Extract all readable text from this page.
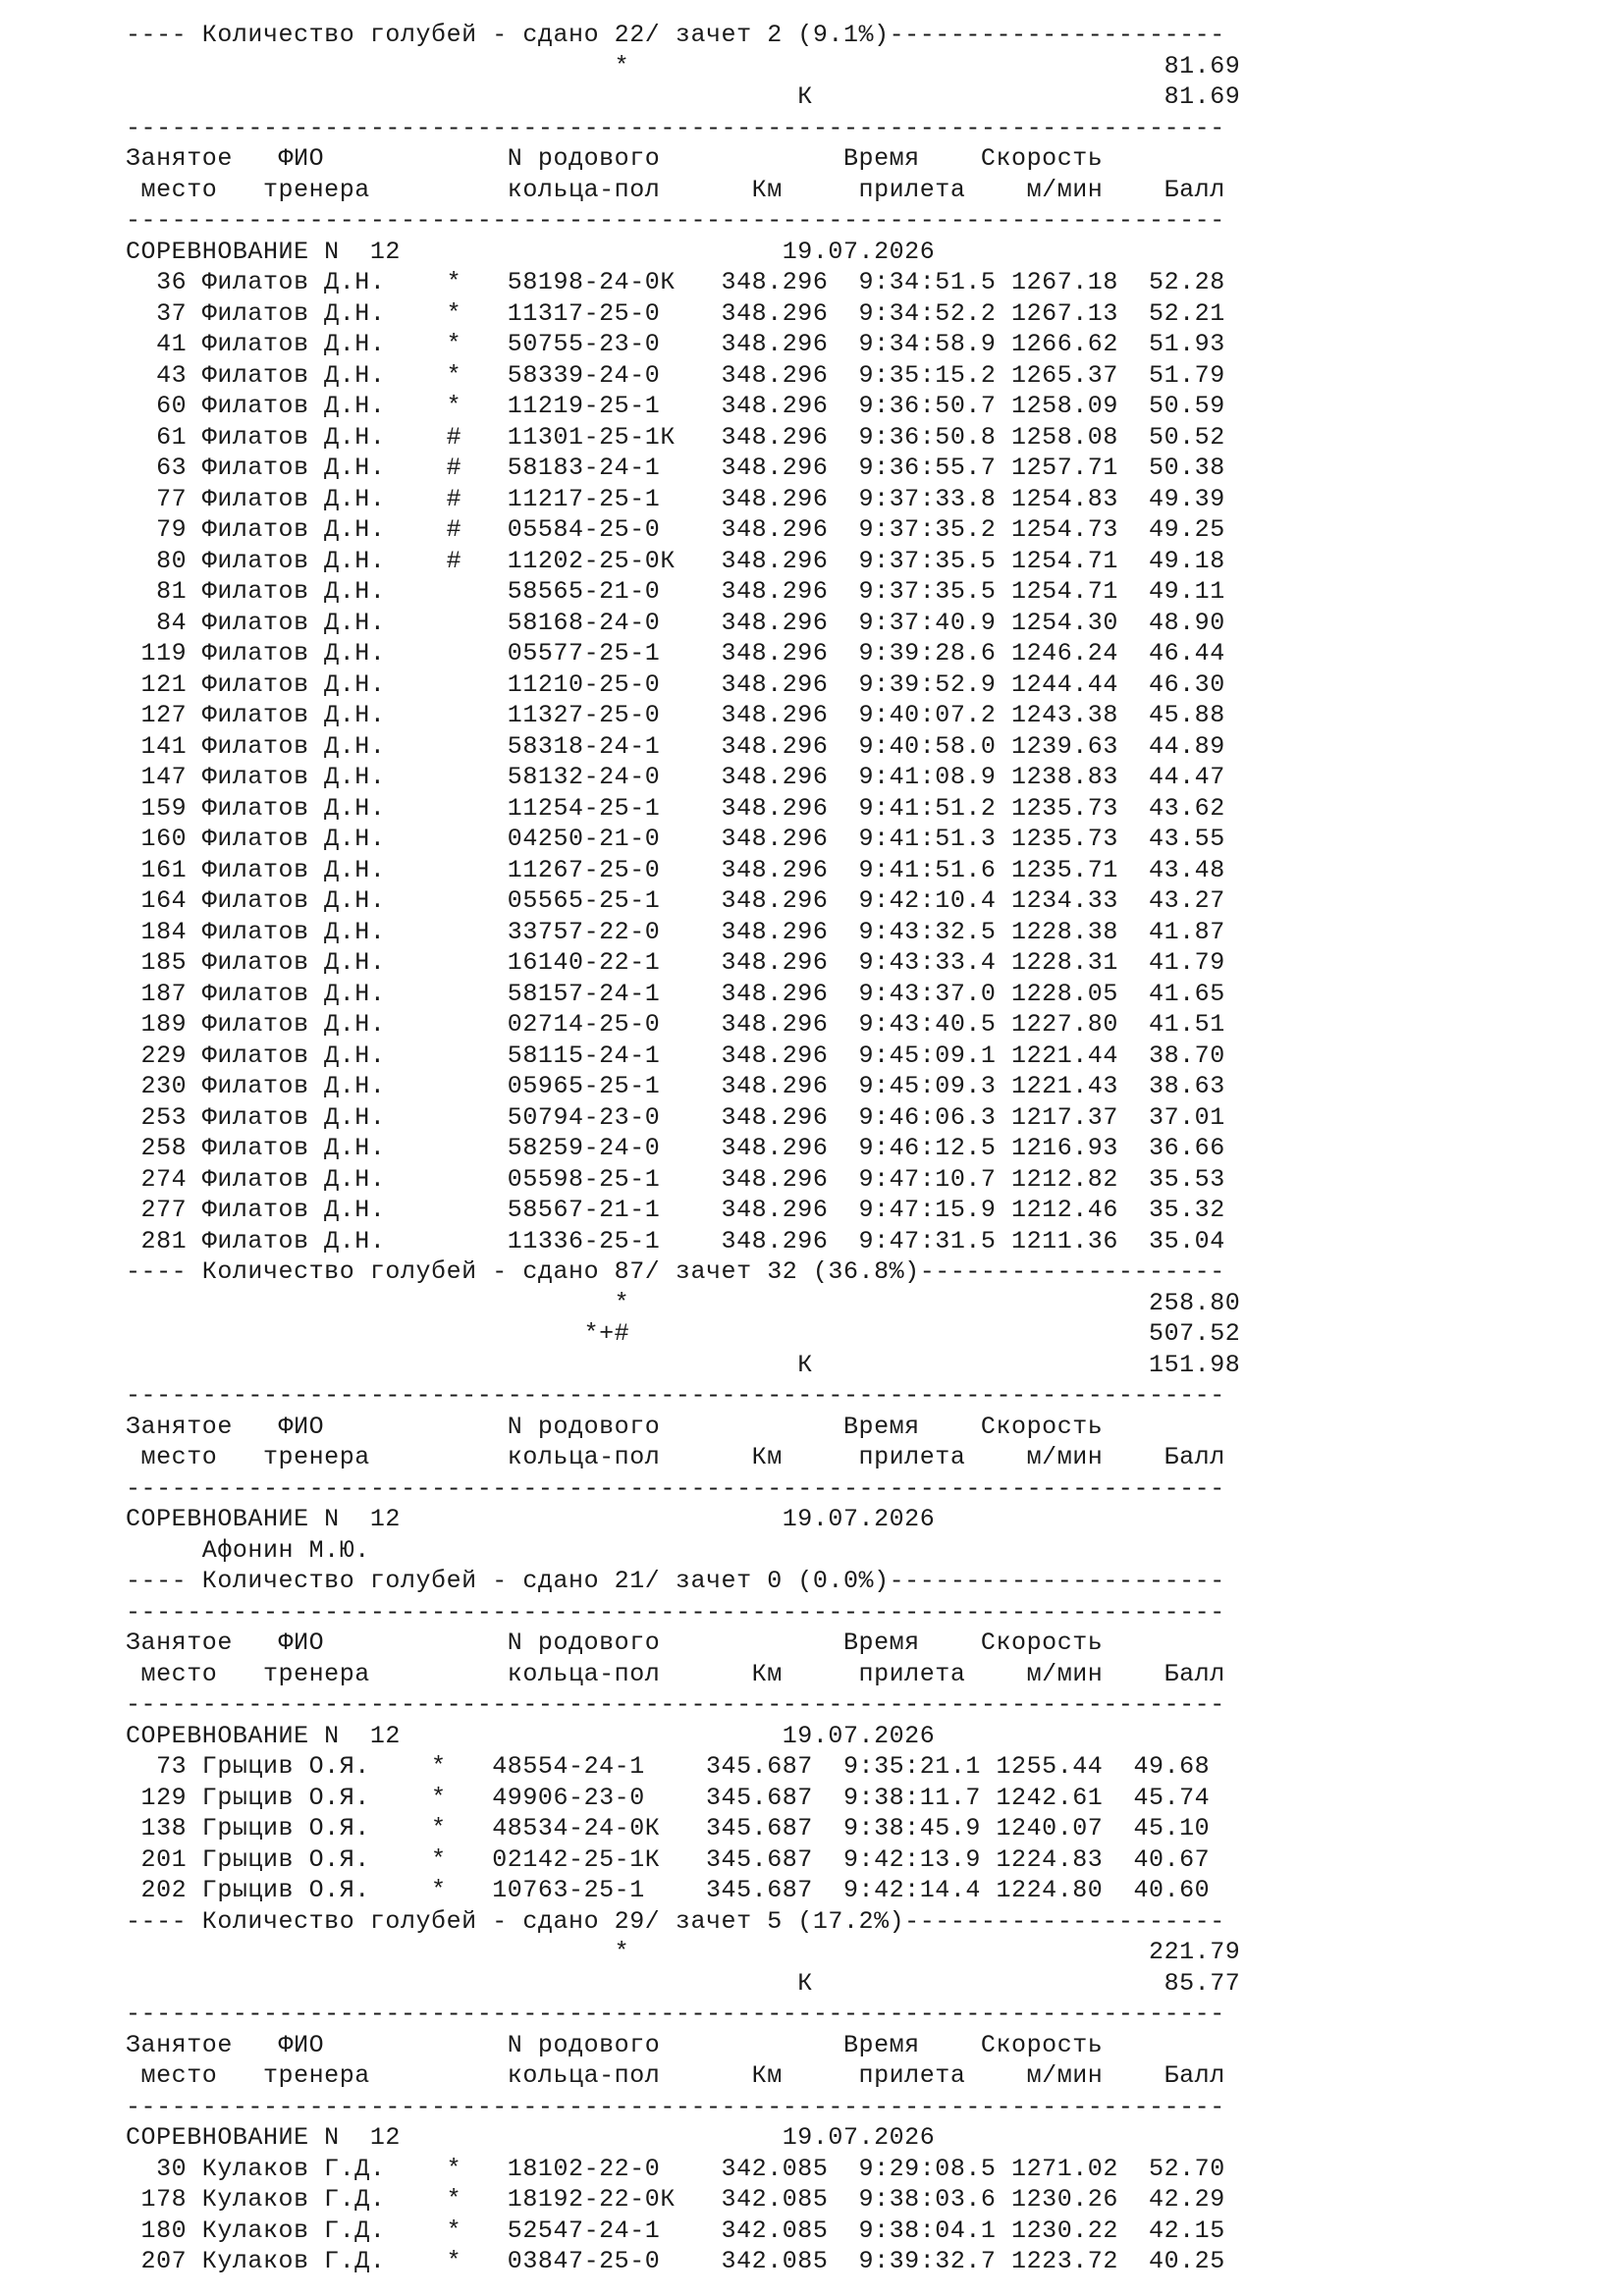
---- Количество голубей - сдано 22/ зачет 2 (9.1%)----------------------
*                                   81.69
К                       81.69
------------------------------------------------------------------------
Занятое   ФИО            N родового            Время    Скорость
место   тренера         кольца-пол      Км     прилета    м/мин    Балл
------------------------------------------------------------------------
СОРЕВНОВАНИЕ N  12                         19.07.2026
36 Филатов Д.Н.    *   58198-24-0К   348.296  9:34:51.5 1267.18  52.28
37 Филатов Д.Н.    *   11317-25-0    348.296  9:34:52.2 1267.13  52.21
41 Филатов Д.Н.    *   50755-23-0    348.296  9:34:58.9 1266.62  51.93
43 Филатов Д.Н.    *   58339-24-0    348.296  9:35:15.2 1265.37  51.79
60 Филатов Д.Н.    *   11219-25-1    348.296  9:36:50.7 1258.09  50.59
61 Филатов Д.Н.    #   11301-25-1К   348.296  9:36:50.8 1258.08  50.52
63 Филатов Д.Н.    #   58183-24-1    348.296  9:36:55.7 1257.71  50.38
77 Филатов Д.Н.    #   11217-25-1    348.296  9:37:33.8 1254.83  49.39
79 Филатов Д.Н.    #   05584-25-0    348.296  9:37:35.2 1254.73  49.25
80 Филатов Д.Н.    #   11202-25-0К   348.296  9:37:35.5 1254.71  49.18
81 Филатов Д.Н.        58565-21-0    348.296  9:37:35.5 1254.71  49.11
84 Филатов Д.Н.        58168-24-0    348.296  9:37:40.9 1254.30  48.90
119 Филатов Д.Н.        05577-25-1    348.296  9:39:28.6 1246.24  46.44
121 Филатов Д.Н.        11210-25-0    348.296  9:39:52.9 1244.44  46.30
127 Филатов Д.Н.        11327-25-0    348.296  9:40:07.2 1243.38  45.88
141 Филатов Д.Н.        58318-24-1    348.296  9:40:58.0 1239.63  44.89
147 Филатов Д.Н.        58132-24-0    348.296  9:41:08.9 1238.83  44.47
159 Филатов Д.Н.        11254-25-1    348.296  9:41:51.2 1235.73  43.62
160 Филатов Д.Н.        04250-21-0    348.296  9:41:51.3 1235.73  43.55
161 Филатов Д.Н.        11267-25-0    348.296  9:41:51.6 1235.71  43.48
164 Филатов Д.Н.        05565-25-1    348.296  9:42:10.4 1234.33  43.27
184 Филатов Д.Н.        33757-22-0    348.296  9:43:32.5 1228.38  41.87
185 Филатов Д.Н.        16140-22-1    348.296  9:43:33.4 1228.31  41.79
187 Филатов Д.Н.        58157-24-1    348.296  9:43:37.0 1228.05  41.65
189 Филатов Д.Н.        02714-25-0    348.296  9:43:40.5 1227.80  41.51
229 Филатов Д.Н.        58115-24-1    348.296  9:45:09.1 1221.44  38.70
230 Филатов Д.Н.        05965-25-1    348.296  9:45:09.3 1221.43  38.63
253 Филатов Д.Н.        50794-23-0    348.296  9:46:06.3 1217.37  37.01
258 Филатов Д.Н.        58259-24-0    348.296  9:46:12.5 1216.93  36.66
274 Филатов Д.Н.        05598-25-1    348.296  9:47:10.7 1212.82  35.53
277 Филатов Д.Н.        58567-21-1    348.296  9:47:15.9 1212.46  35.32
281 Филатов Д.Н.        11336-25-1    348.296  9:47:31.5 1211.36  35.04
---- Количество голубей - сдано 87/ зачет 32 (36.8%)--------------------
*                                  258.80
*+#                                  507.52
К                      151.98
------------------------------------------------------------------------
Занятое   ФИО            N родового            Время    Скорость
место   тренера         кольца-пол      Км     прилета    м/мин    Балл
------------------------------------------------------------------------
СОРЕВНОВАНИЕ N  12                         19.07.2026
Афонин М.Ю.
---- Количество голубей - сдано 21/ зачет 0 (0.0%)----------------------
------------------------------------------------------------------------
Занятое   ФИО            N родового            Время    Скорость
место   тренера         кольца-пол      Км     прилета    м/мин    Балл
------------------------------------------------------------------------
СОРЕВНОВАНИЕ N  12                         19.07.2026
73 Грыцив О.Я.    *   48554-24-1    345.687  9:35:21.1 1255.44  49.68
129 Грыцив О.Я.    *   49906-23-0    345.687  9:38:11.7 1242.61  45.74
138 Грыцив О.Я.    *   48534-24-0К   345.687  9:38:45.9 1240.07  45.10
201 Грыцив О.Я.    *   02142-25-1К   345.687  9:42:13.9 1224.83  40.67
202 Грыцив О.Я.    *   10763-25-1    345.687  9:42:14.4 1224.80  40.60
---- Количество голубей - сдано 29/ зачет 5 (17.2%)---------------------
*                                  221.79
К                       85.77
------------------------------------------------------------------------
Занятое   ФИО            N родового            Время    Скорость
место   тренера         кольца-пол      Км     прилета    м/мин    Балл
------------------------------------------------------------------------
СОРЕВНОВАНИЕ N  12                         19.07.2026
30 Кулаков Г.Д.    *   18102-22-0    342.085  9:29:08.5 1271.02  52.70
178 Кулаков Г.Д.    *   18192-22-0К   342.085  9:38:03.6 1230.26  42.29
180 Кулаков Г.Д.    *   52547-24-1    342.085  9:38:04.1 1230.22  42.15
207 Кулаков Г.Д.    *   03847-25-0    342.085  9:39:32.7 1223.72  40.25
